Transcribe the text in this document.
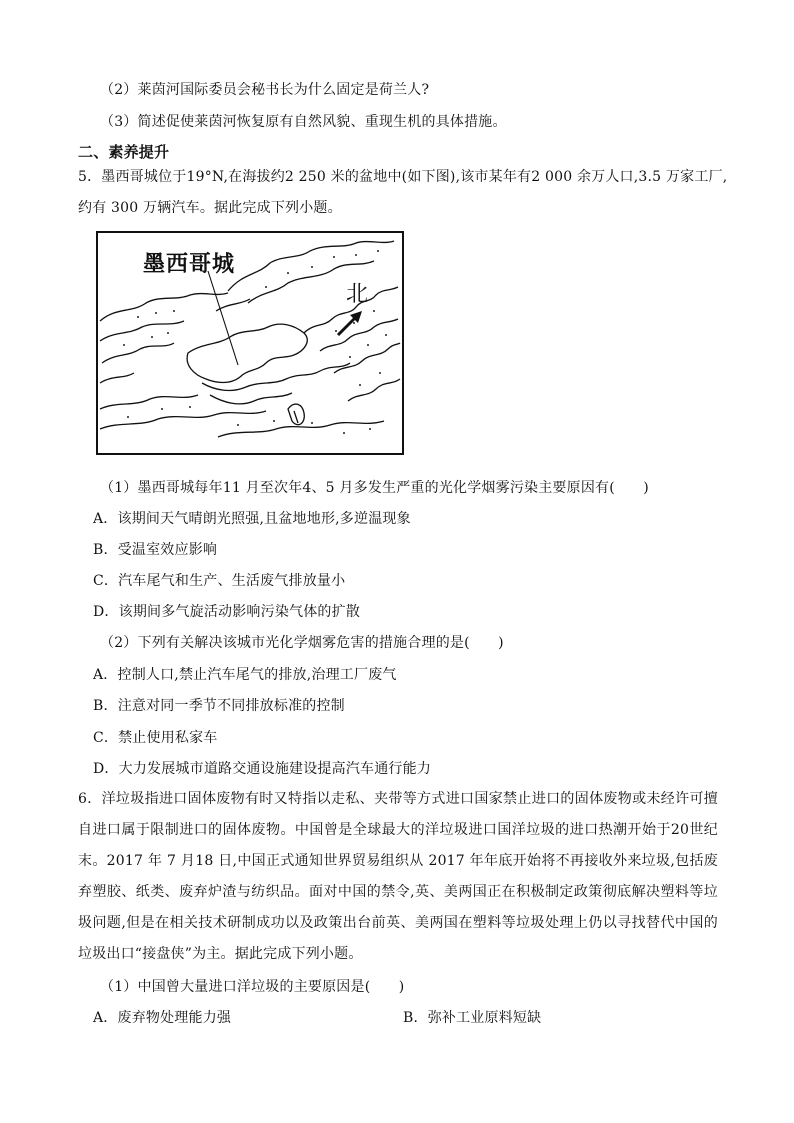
（2）莱茵河国际委员会秘书长为什么固定是荷兰人?
（3）简述促使莱茵河恢复原有自然风貌、重现生机的具体措施。
二、素养提升
5．墨西哥城位于19°N,在海拔约2 250 米的盆地中(如下图),该市某年有2 000 余万人口,3.5 万家工厂,
约有 300 万辆汽车。据此完成下列小题。
墨西哥城
北
（1）墨西哥城每年11 月至次年4、5 月多发生严重的光化学烟雾污染主要原因有(　　)
A．该期间天气晴朗光照强,且盆地地形,多逆温现象
B．受温室效应影响
C．汽车尾气和生产、生活废气排放量小
D．该期间多气旋活动影响污染气体的扩散
（2）下列有关解决该城市光化学烟雾危害的措施合理的是(　　)
A．控制人口,禁止汽车尾气的排放,治理工厂废气
B．注意对同一季节不同排放标准的控制
C．禁止使用私家车
D．大力发展城市道路交通设施建设提高汽车通行能力
6．洋垃圾指进口固体废物有时又特指以走私、夹带等方式进口国家禁止进口的固体废物或未经许可擅自进口属于限制进口的固体废物。中国曾是全球最大的洋垃圾进口国洋垃圾的进口热潮开始于20世纪末。2017 年 7 月18 日,中国正式通知世界贸易组织从 2017 年年底开始将不再接收外来垃圾,包括废弃塑胶、纸类、废弃炉渣与纺织品。面对中国的禁令,英、美两国正在积极制定政策彻底解决塑料等垃圾问题,但是在相关技术研制成功以及政策出台前英、美两国在塑料等垃圾处理上仍以寻找替代中国的垃圾出口“接盘侠”为主。据此完成下列小题。
（1）中国曾大量进口洋垃圾的主要原因是(　　)
A．废弃物处理能力强	B．弥补工业原料短缺
